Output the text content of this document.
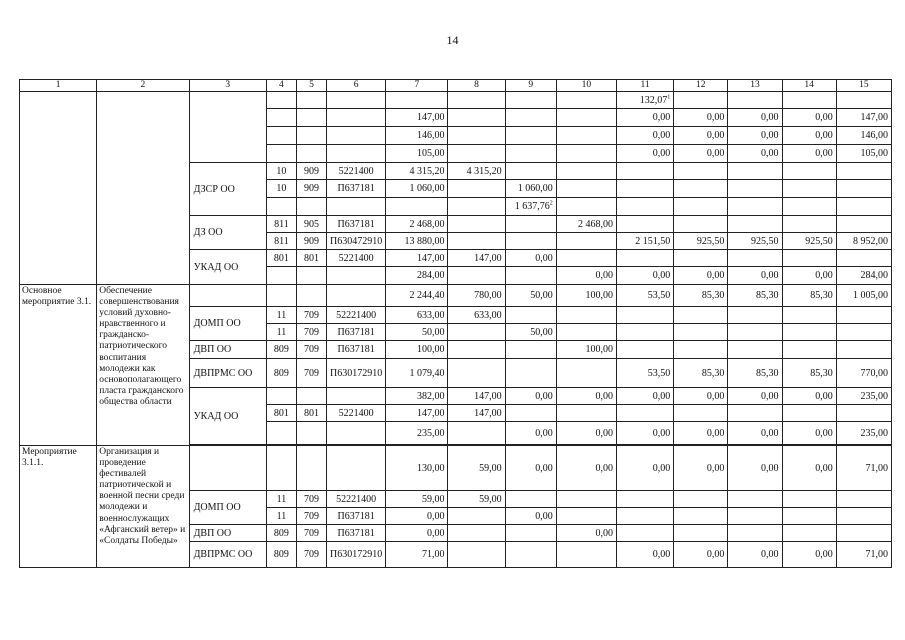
14
1	2	3	4	5	6	7	8	9	10	11	12	13	14	15
										132,07$^1$				
						147,00				0,00	0,00	0,00	0,00	147,00
						146,00				0,00	0,00	0,00	0,00	146,00
						105,00				0,00	0,00	0,00	0,00	105,00
		ДЗСР ОО	10	909	5221400	4 315,20	4 315,20							
			10	909	П637181	1 060,00		1 060,00						
								1 637,76$^2$						
		ДЗ ОО	811	905	П637181	2 468,00			2 468,00					
			811	909	П630472910	13 880,00				2 151,50	925,50	925,50	925,50	8 952,00
		УКАД ОО	801	801	5221400	147,00	147,00	0,00						
						284,00			0,00	0,00	0,00	0,00	0,00	284,00
Основное мероприятие 3.1.	Обеспечение совершенствования условий духовно-нравственного и гражданско-патриотического воспитания молодежи как основополагающего пласта гражданского общества области					2 244,40	780,00	50,00	100,00	53,50	85,30	85,30	85,30	1 005,00
		ДОМП ОО	11	709	52221400	633,00	633,00							
			11	709	П637181	50,00		50,00						
		ДВП ОО	809	709	П637181	100,00			100,00					
		ДВПРМС ОО	809	709	П630172910	1 079,40				53,50	85,30	85,30	85,30	770,00
		УКАД ОО				382,00	147,00	0,00	0,00	0,00	0,00	0,00	0,00	235,00
			801	801	5221400	147,00	147,00							
						235,00		0,00	0,00	0,00	0,00	0,00	0,00	235,00

Мероприятие 3.1.1.	Организация и проведение фестивалей патриотической и военной песни среди молодежи и военнослужащих «Афганский ветер» и «Солдаты Победы»					130,00	59,00	0,00	0,00	0,00	0,00	0,00	0,00	71,00
		ДОМП ОО	11	709	52221400	59,00	59,00							
			11	709	П637181	0,00		0,00						
		ДВП ОО	809	709	П637181	0,00			0,00					
		ДВПРМС ОО	809	709	П630172910	71,00				0,00	0,00	0,00	0,00	71,00
